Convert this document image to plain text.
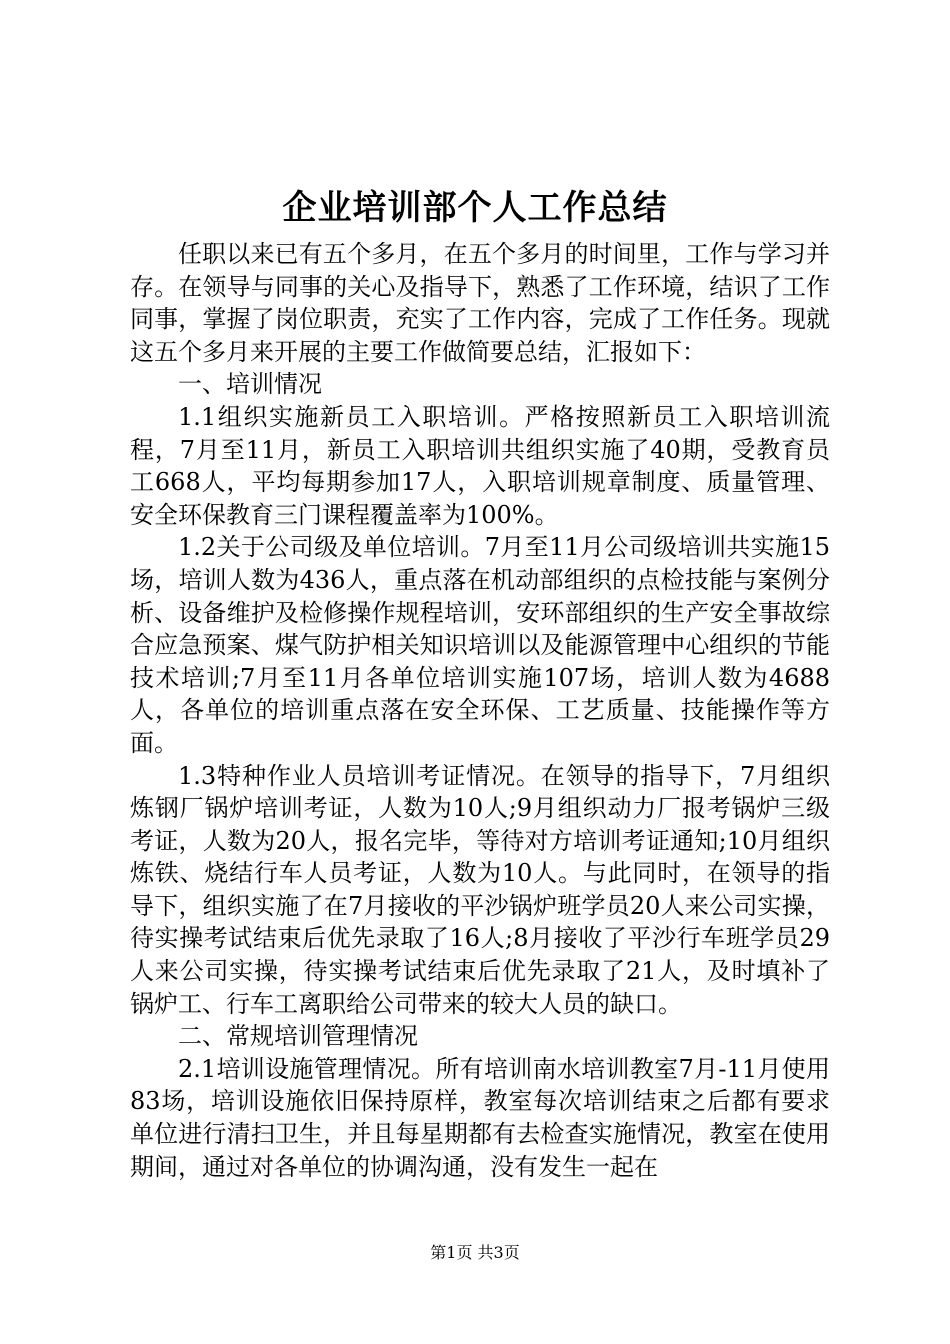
企业培训部个人工作总结

任职以来已有五个多月，在五个多月的时间里，工作与学习并存。在领导与同事的关心及指导下，熟悉了工作环境，结识了工作同事，掌握了岗位职责，充实了工作内容，完成了工作任务。现就这五个多月来开展的主要工作做简要总结，汇报如下：

一、培训情况

1.1组织实施新员工入职培训。严格按照新员工入职培训流程，7月至11月，新员工入职培训共组织实施了40期，受教育员工668人，平均每期参加17人，入职培训规章制度、质量管理、安全环保教育三门课程覆盖率为100%。

1.2关于公司级及单位培训。7月至11月公司级培训共实施15场，培训人数为436人，重点落在机动部组织的点检技能与案例分析、设备维护及检修操作规程培训，安环部组织的生产安全事故综合应急预案、煤气防护相关知识培训以及能源管理中心组织的节能技术培训;7月至11月各单位培训实施107场，培训人数为4688人，各单位的培训重点落在安全环保、工艺质量、技能操作等方面。

1.3特种作业人员培训考证情况。在领导的指导下，7月组织炼钢厂锅炉培训考证，人数为10人;9月组织动力厂报考锅炉三级考证，人数为20人，报名完毕，等待对方培训考证通知;10月组织炼铁、烧结行车人员考证，人数为10人。与此同时，在领导的指导下，组织实施了在7月接收的平沙锅炉班学员20人来公司实操，待实操考试结束后优先录取了16人;8月接收了平沙行车班学员29人来公司实操，待实操考试结束后优先录取了21人，及时填补了锅炉工、行车工离职给公司带来的较大人员的缺口。

二、常规培训管理情况

2.1培训设施管理情况。所有培训南水培训教室7月-11月使用83场，培训设施依旧保持原样，教室每次培训结束之后都有要求单位进行清扫卫生，并且每星期都有去检查实施情况，教室在使用期间，通过对各单位的协调沟通，没有发生一起在

第1页 共3页
